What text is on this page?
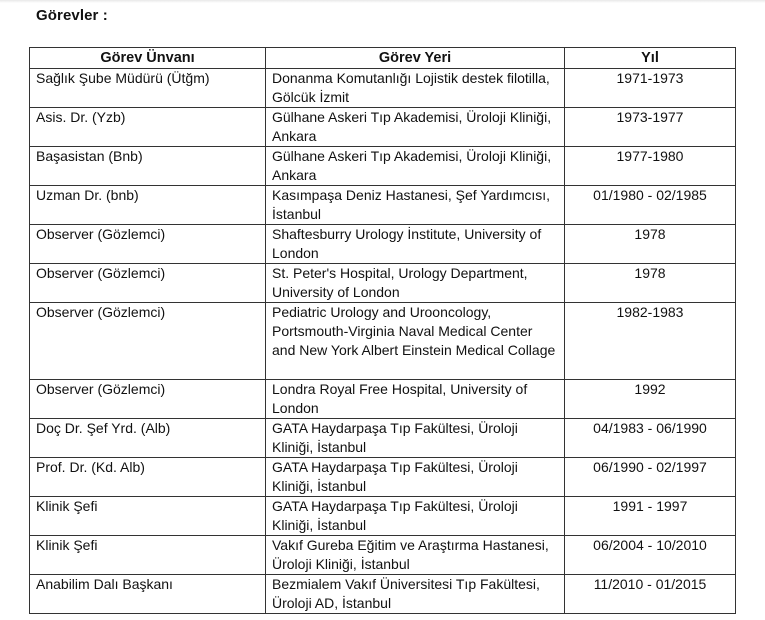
Görevler :
Görev Ünvanı	Görev Yeri	Yıl
Sağlık Şube Müdürü (Ütğm)	Donanma Komutanlığı Lojistik destek filotilla, Gölcük İzmit	1971-1973
Asis. Dr. (Yzb)	Gülhane Askeri Tıp Akademisi, Üroloji Kliniği, Ankara	1973-1977
Başasistan (Bnb)	Gülhane Askeri Tıp Akademisi, Üroloji Kliniği, Ankara	1977-1980
Uzman Dr. (bnb)	Kasımpaşa Deniz Hastanesi, Şef Yardımcısı, İstanbul	01/1980 - 02/1985
Observer (Gözlemci)	Shaftesburry Urology İnstitute, University of London	1978
Observer (Gözlemci)	St. Peter's Hospital, Urology Department, University of London	1978
Observer (Gözlemci)	Pediatric Urology and Urooncology, Portsmouth-Virginia Naval Medical Center and New York Albert Einstein Medical Collage	1982-1983
Observer (Gözlemci)	Londra Royal Free Hospital, University of London	1992
Doç Dr. Şef Yrd. (Alb)	GATA Haydarpaşa Tıp Fakültesi, Üroloji Kliniği, İstanbul	04/1983 - 06/1990
Prof. Dr. (Kd. Alb)	GATA Haydarpaşa Tıp Fakültesi, Üroloji Kliniği, İstanbul	06/1990 - 02/1997
Klinik Şefi	GATA Haydarpaşa Tıp Fakültesi, Üroloji Kliniği, İstanbul	1991 - 1997
Klinik Şefi	Vakıf Gureba Eğitim ve Araştırma Hastanesi, Üroloji Kliniği, İstanbul	06/2004 - 10/2010
Anabilim Dalı Başkanı	Bezmialem Vakıf Üniversitesi Tıp Fakültesi, Üroloji AD, İstanbul	11/2010 - 01/2015
